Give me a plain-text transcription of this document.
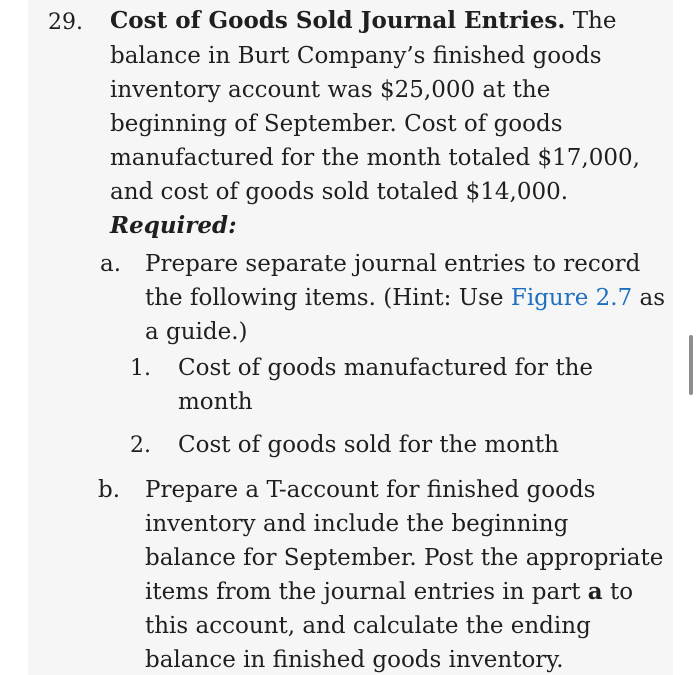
29. Cost of Goods Sold Journal Entries. The
balance in Burt Company’s finished goods
inventory account was $25,000 at the
beginning of September. Cost of goods
manufactured for the month totaled $17,000,
and cost of goods sold totaled $14,000.
Required:
a. Prepare separate journal entries to record
the following items. (Hint: Use Figure 2.7 as
a guide.)
1. Cost of goods manufactured for the
month
2. Cost of goods sold for the month
b. Prepare a T-account for finished goods
inventory and include the beginning
balance for September. Post the appropriate
items from the journal entries in part a to
this account, and calculate the ending
balance in finished goods inventory.
